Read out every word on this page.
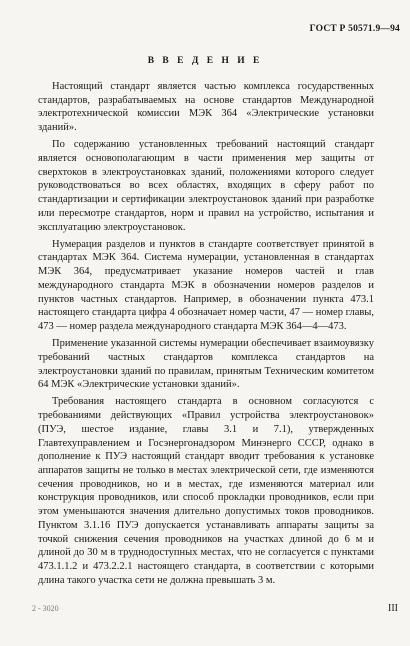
ГОСТ Р 50571.9—94
В В Е Д Е Н И Е

Настоящий стандарт является частью комплекса государственных стандартов, разрабатываемых на основе стандартов Международной электротехнической комиссии МЭК 364 «Электрические установки зданий».

По содержанию установленных требований настоящий стандарт является основополагающим в части применения мер защиты от сверхтоков в электроустановках зданий, положениями которого следует руководствоваться во всех областях, входящих в сферу работ по стандартизации и сертификации электроустановок зданий при разработке или пересмотре стандартов, норм и правил на устройство, испытания и эксплуатацию электроустановок.

Нумерация разделов и пунктов в стандарте соответствует принятой в стандартах МЭК 364. Система нумерации, установленная в стандартах МЭК 364, предусматривает указание номеров частей и глав международного стандарта МЭК в обозначении номеров разделов и пунктов частных стандартов. Например, в обозначении пункта 473.1 настоящего стандарта цифра 4 обозначает номер части, 47 — номер главы, 473 — номер раздела международного стандарта МЭК 364—4—473.

Применение указанной системы нумерации обеспечивает взаимоувязку требований частных стандартов комплекса стандартов на электроустановки зданий по правилам, принятым Техническим комитетом 64 МЭК «Электрические установки зданий».

Требования настоящего стандарта в основном согласуются с требованиями действующих «Правил устройства электроустановок» (ПУЭ, шестое издание, главы 3.1 и 7.1), утвержденных Главтехуправлением и Госэнергонадзором Минэнерго СССР, однако в дополнение к ПУЭ настоящий стандарт вводит требования к установке аппаратов защиты не только в местах электрической сети, где изменяются сечения проводников, но и в местах, где изменяются материал или конструкция проводников, или способ прокладки проводников, если при этом уменьшаются значения длительно допустимых токов проводников. Пунктом 3.1.16 ПУЭ допускается устанавливать аппараты защиты за точкой снижения сечения проводников на участках длиной до 6 м и длиной до 30 м в труднодоступных местах, что не согласуется с пунктами 473.1.1.2 и 473.2.2.1 настоящего стандарта, в соответствии с которыми длина такого участка сети не должна превышать 3 м.

2 - 3020	III
